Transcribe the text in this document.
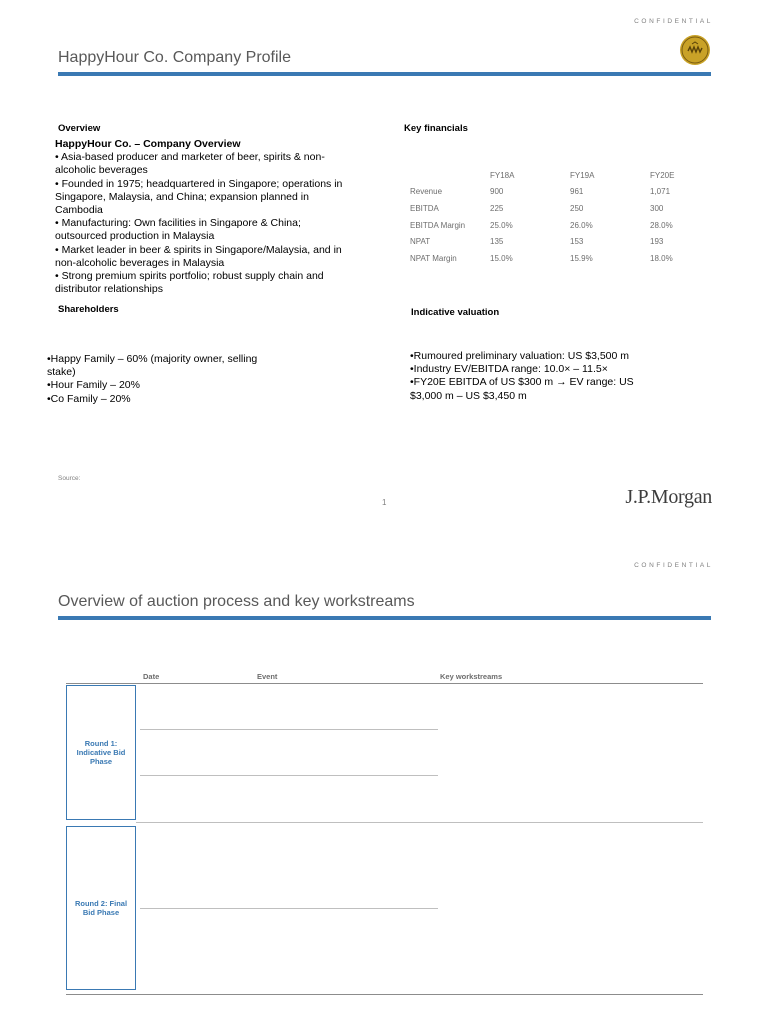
CONFIDENTIAL
HappyHour Co. Company Profile
Overview
HappyHour Co. – Company Overview
• Asia-based producer and marketer of beer, spirits & non-alcoholic beverages
• Founded in 1975; headquartered in Singapore; operations in Singapore, Malaysia, and China; expansion planned in Cambodia
• Manufacturing: Own facilities in Singapore & China; outsourced production in Malaysia
• Market leader in beer & spirits in Singapore/Malaysia, and in non-alcoholic beverages in Malaysia
• Strong premium spirits portfolio; robust supply chain and distributor relationships
Key financials
	FY18A	FY19A	FY20E
Revenue	900	961	1,071
EBITDA	225	250	300
EBITDA Margin	25.0%	26.0%	28.0%
NPAT	135	153	193
NPAT Margin	15.0%	15.9%	18.0%
Shareholders
•Happy Family – 60% (majority owner, selling stake)
•Hour Family – 20%
•Co Family – 20%
Indicative valuation
•Rumoured preliminary valuation: US $3,500 m
•Industry EV/EBITDA range: 10.0× – 11.5×
•FY20E EBITDA of US $300 m → EV range: US $3,000 m – US $3,450 m
Source:
1	J.P.Morgan
CONFIDENTIAL
Overview of auction process and key workstreams
Date	Event	Key workstreams
Round 1: Indicative Bid Phase
Round 2: Final Bid Phase
